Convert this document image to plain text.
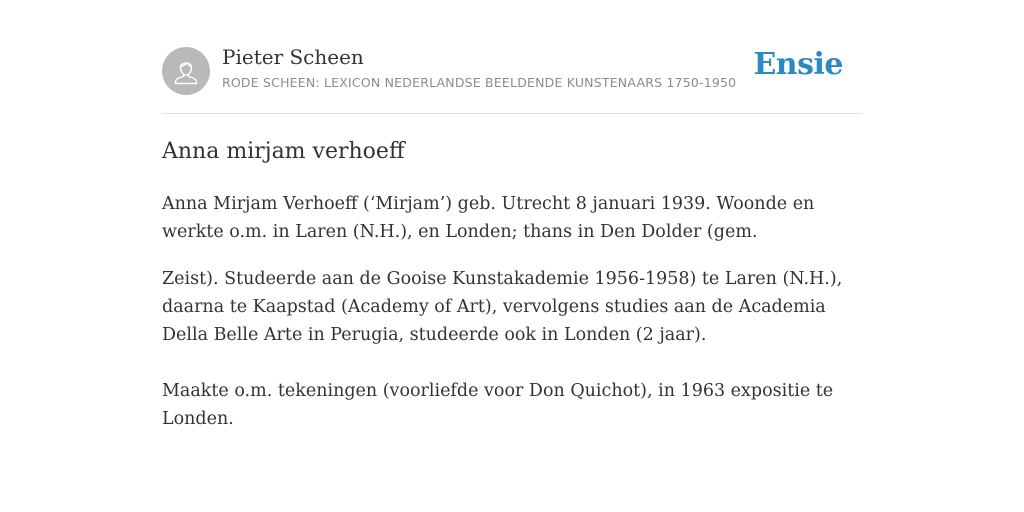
Pieter Scheen
RODE SCHEEN: LEXICON NEDERLANDSE BEELDENDE KUNSTENAARS 1750-1950
Ensie
Anna mirjam verhoeff

Anna Mirjam Verhoeff (‘Mirjam’) geb. Utrecht 8 januari 1939. Woonde en werkte o.m. in Laren (N.H.), en Londen; thans in Den Dolder (gem.

Zeist). Studeerde aan de Gooise Kunstakademie 1956-1958) te Laren (N.H.), daarna te Kaapstad (Academy of Art), vervolgens studies aan de Academia Della Belle Arte in Perugia, studeerde ook in Londen (2 jaar).

Maakte o.m. tekeningen (voorliefde voor Don Quichot), in 1963 expositie te Londen.
